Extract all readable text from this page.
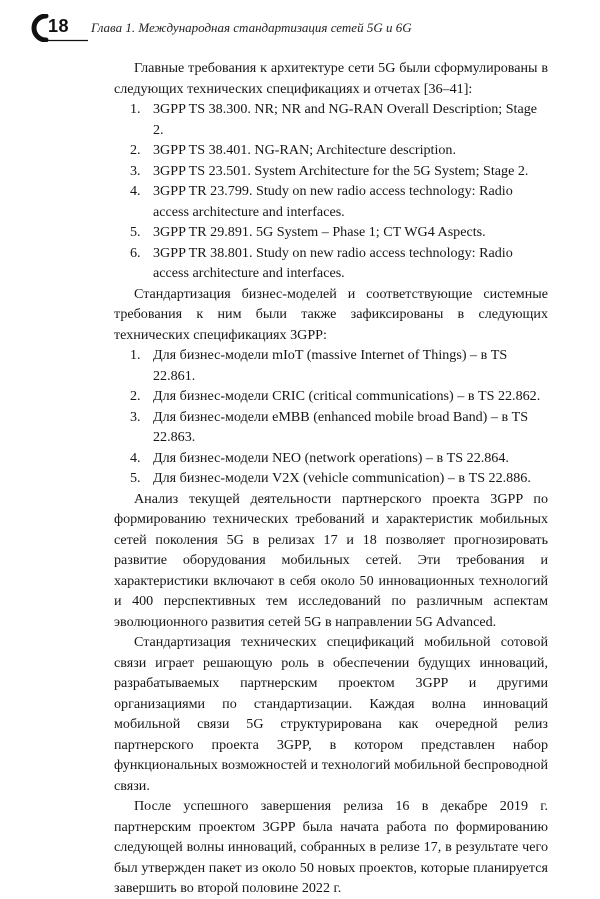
18 Глава 1. Международная стандартизация сетей 5G и 6G

Главные требования к архитектуре сети 5G были сформулированы в следующих технических спецификациях и отчетах [36–41]:

1. 3GPP TS 38.300. NR; NR and NG-RAN Overall Description; Stage 2.
2. 3GPP TS 38.401. NG-RAN; Architecture description.
3. 3GPP TS 23.501. System Architecture for the 5G System; Stage 2.
4. 3GPP TR 23.799. Study on new radio access technology: Radio access architecture and interfaces.
5. 3GPP TR 29.891. 5G System – Phase 1; CT WG4 Aspects.
6. 3GPP TR 38.801. Study on new radio access technology: Radio access architecture and interfaces.

Стандартизация бизнес-моделей и соответствующие системные требования к ним были также зафиксированы в следующих технических спецификациях 3GPP:

1. Для бизнес-модели mIoT (massive Internet of Things) – в TS 22.861.
2. Для бизнес-модели CRIC (critical communications) – в TS 22.862.
3. Для бизнес-модели eMBB (enhanced mobile broad Band) – в TS 22.863.
4. Для бизнес-модели NEO (network operations) – в TS 22.864.
5. Для бизнес-модели V2X (vehicle communication) – в TS 22.886.

Анализ текущей деятельности партнерского проекта 3GPP по формированию технических требований и характеристик мобильных сетей поколения 5G в релизах 17 и 18 позволяет прогнозировать развитие оборудования мобильных сетей. Эти требования и характеристики включают в себя около 50 инновационных технологий и 400 перспективных тем исследований по различным аспектам эволюционного развития сетей 5G в направлении 5G Advanced.

Стандартизация технических спецификаций мобильной сотовой связи играет решающую роль в обеспечении будущих инноваций, разрабатываемых партнерским проектом 3GPP и другими организациями по стандартизации. Каждая волна инноваций мобильной связи 5G структурирована как очередной релиз партнерского проекта 3GPP, в котором представлен набор функциональных возможностей и технологий мобильной беспроводной связи.

После успешного завершения релиза 16 в декабре 2019 г. партнерским проектом 3GPP была начата работа по формированию следующей волны инноваций, собранных в релизе 17, в результате чего был утвержден пакет из около 50 новых проектов, которые планируется завершить во второй половине 2022 г.
